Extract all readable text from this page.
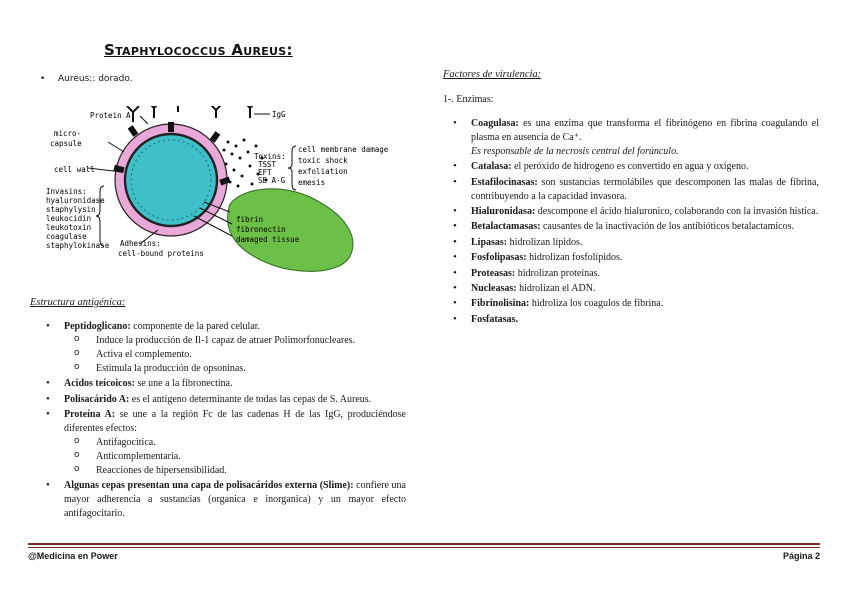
Staphylococcus Aureus:
• Aureus:: dorado.
Protein A	IgG
micro-
capsule
cell wall
Invasins:
hyaluronidase
staphylysin
leukocidin
leukotoxin
coagulase
staphylokinase
Toxins:
TSST
EFT
SE A-G
cell membrane damage
toxic shock
exfoliation
emesis
Adhesins:
cell-bound proteins
fibrin
fibronectin
damaged tissue
Estructura antigénica:
• Peptidoglicano: componente de la pared celular.
o Induce la producción de Il-1 capaz de atraer Polimorfonucleares.
o Activa el complemento.
o Estimula la producción de opsoninas.
• Acidos teícoicos: se une a la fibronectina.
• Polisacárido A: es el antígeno determinante de todas las cepas de S. Aureus.
• Proteína A: se une a la región Fc de las cadenas H de las IgG, produciéndose diferentes efectos:
o Antifagocitica.
o Anticomplementaria.
o Reacciones de hipersensibilidad.
• Algunas cepas presentan una capa de polisacáridos externa (Slime): confiere una mayor adherencia a sustancias (organica e inorganica) y un mayor efecto antifagocitario.
Factores de virulencia:
1-. Enzimas:
• Coagulasa: es una enzima que transforma el fibrinógeno en fibrina coagulando el plasma en ausencia de Ca⁺.
Es responsable de la necrosis central del forúnculo.
• Catalasa: el peróxido de hidrogeno es convertido en agua y oxígeno.
• Estafilocinasas: son sustancias termolábiles que descomponen las malas de fibrina, contribuyendo a la capacidad invasora.
• Hialuronidasa: descompone el ácido hialuronico, colaborando con la invasión histica.
• Betalactamasas: causantes de la inactivación de los antibióticos betalactamicos.
• Lipasas: hidrolizan lípidos.
• Fosfolipasas: hidrolizan fosfolípidos.
• Proteasas: hidrolizan proteínas.
• Nucleasas: hidrolizan el ADN.
• Fibrinolisina: hidroliza los coagulos de fibrina.
• Fosfatasas.
@Medicina en Power	Página 2
